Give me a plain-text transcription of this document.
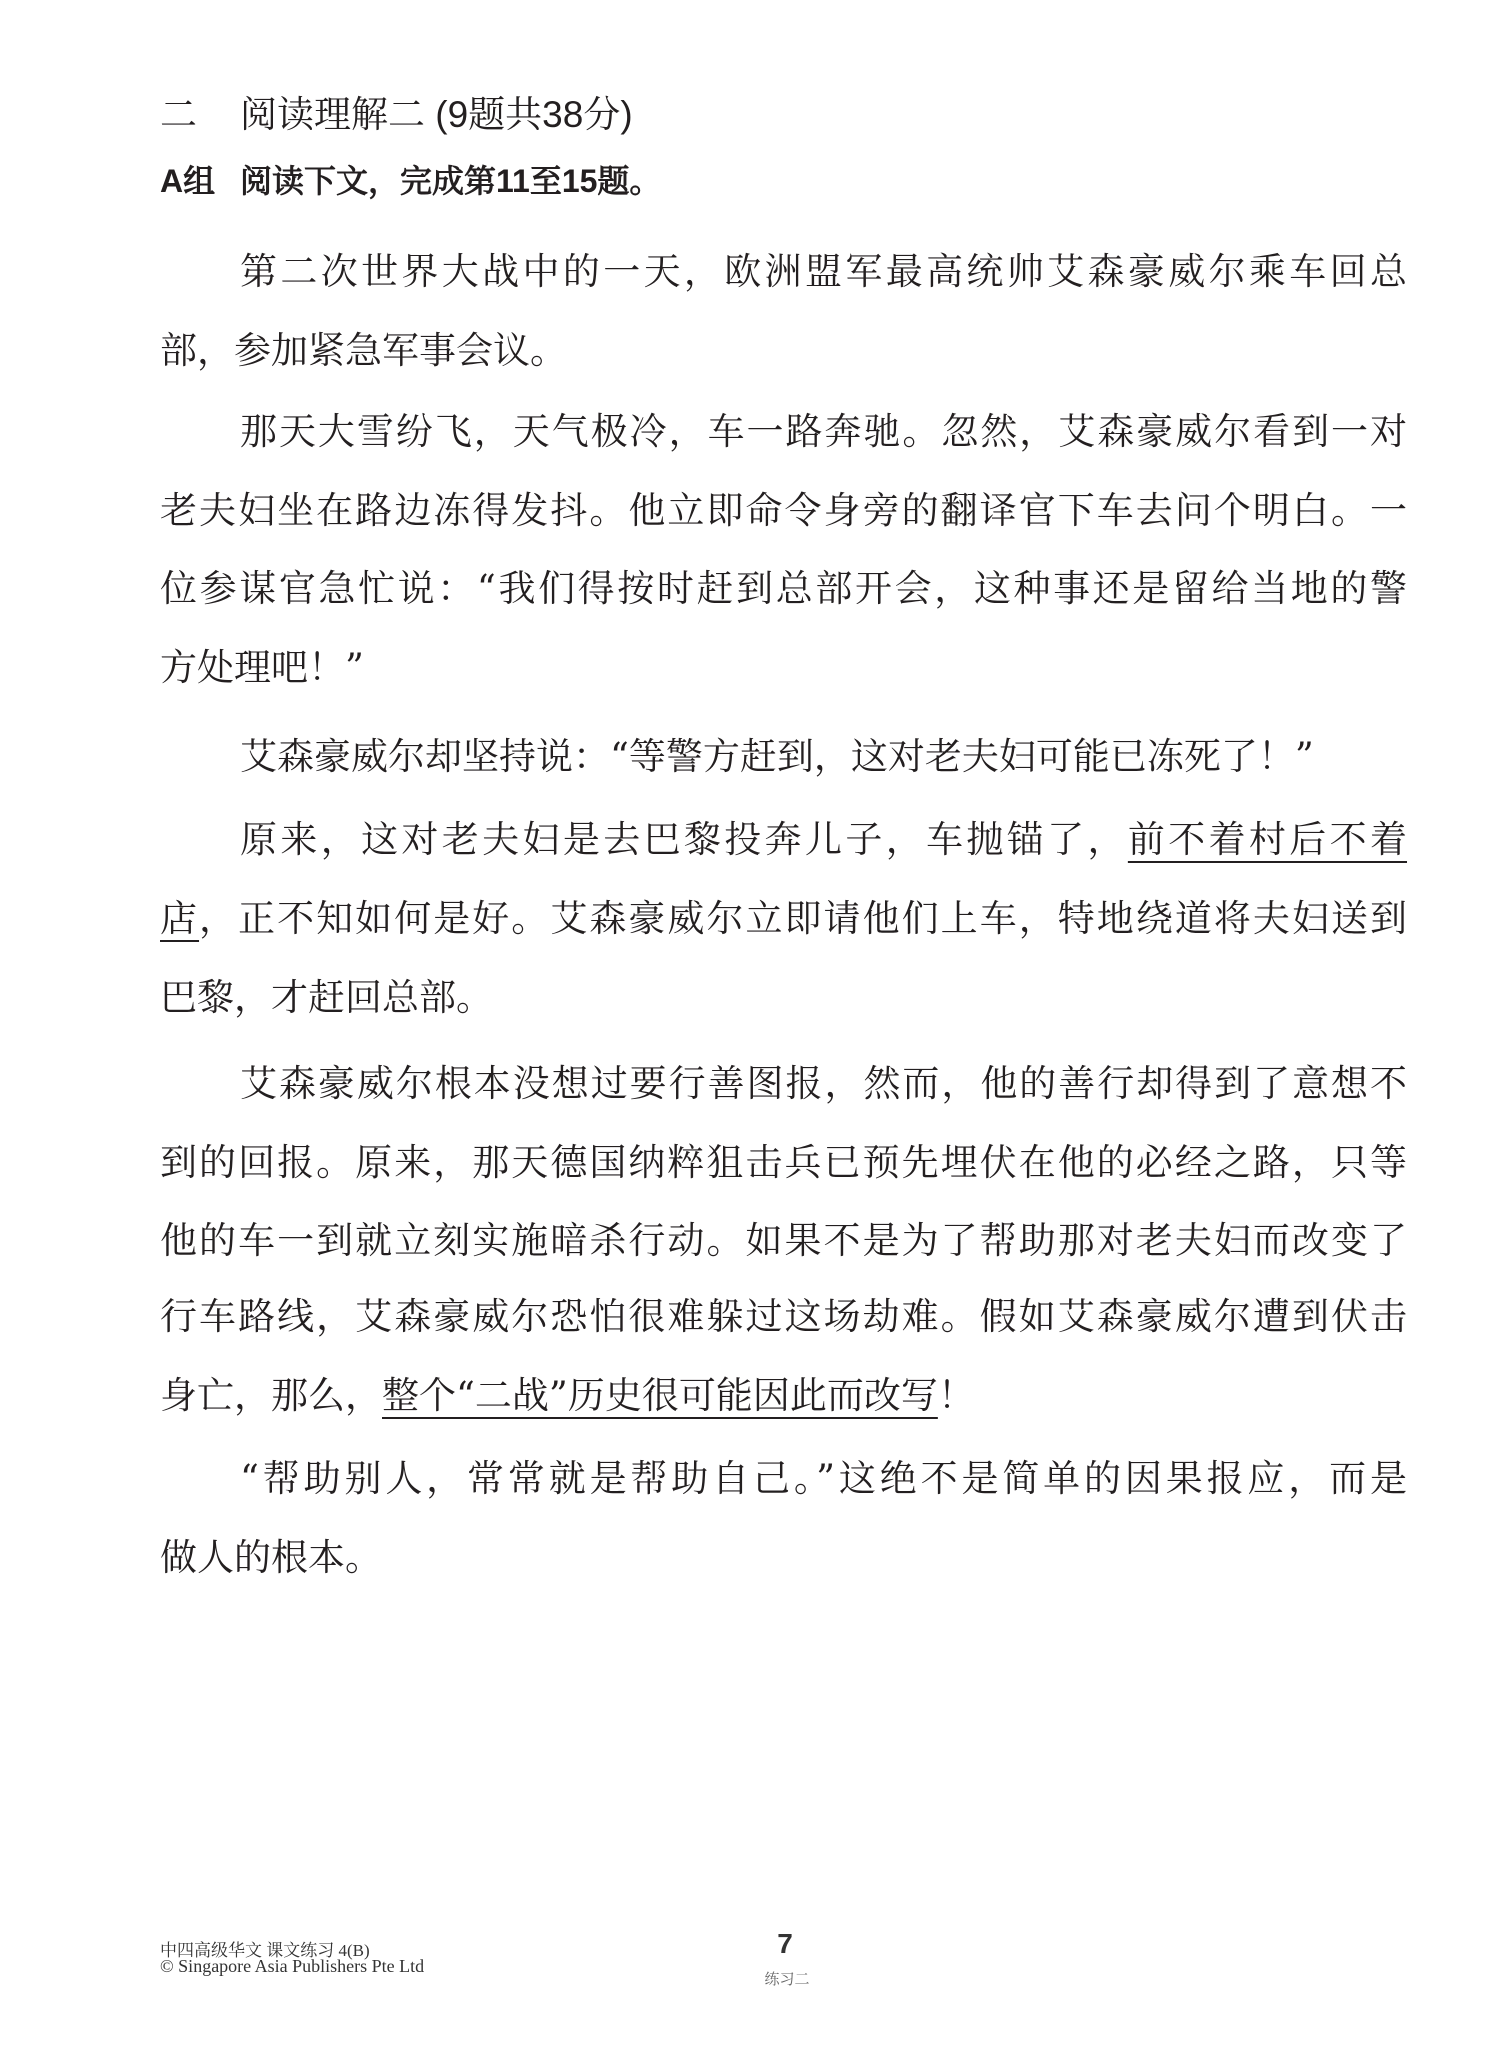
二 阅读理解二 (9题共38分)
A组 阅读下文，完成第11至15题。
第二次世界大战中的一天，欧洲盟军最高统帅艾森豪威尔乘车回总
部，参加紧急军事会议。
那天大雪纷飞，天气极冷，车一路奔驰。忽然，艾森豪威尔看到一对
老夫妇坐在路边冻得发抖。他立即命令身旁的翻译官下车去问个明白。一
位参谋官急忙说：“我们得按时赶到总部开会，这种事还是留给当地的警
方处理吧！”
艾森豪威尔却坚持说：“等警方赶到，这对老夫妇可能已冻死了！”
原来，这对老夫妇是去巴黎投奔儿子，车抛锚了，前不着村后不着
店，正不知如何是好。艾森豪威尔立即请他们上车，特地绕道将夫妇送到
巴黎，才赶回总部。
艾森豪威尔根本没想过要行善图报，然而，他的善行却得到了意想不
到的回报。原来，那天德国纳粹狙击兵已预先埋伏在他的必经之路，只等
他的车一到就立刻实施暗杀行动。如果不是为了帮助那对老夫妇而改变了
行车路线，艾森豪威尔恐怕很难躲过这场劫难。假如艾森豪威尔遭到伏击
身亡，那么，整个“二战”历史很可能因此而改写！
“帮助别人，常常就是帮助自己。”这绝不是简单的因果报应，而是
做人的根本。
中四高级华文 课文练习 4(B)
© Singapore Asia Publishers Pte Ltd
7
练习二
